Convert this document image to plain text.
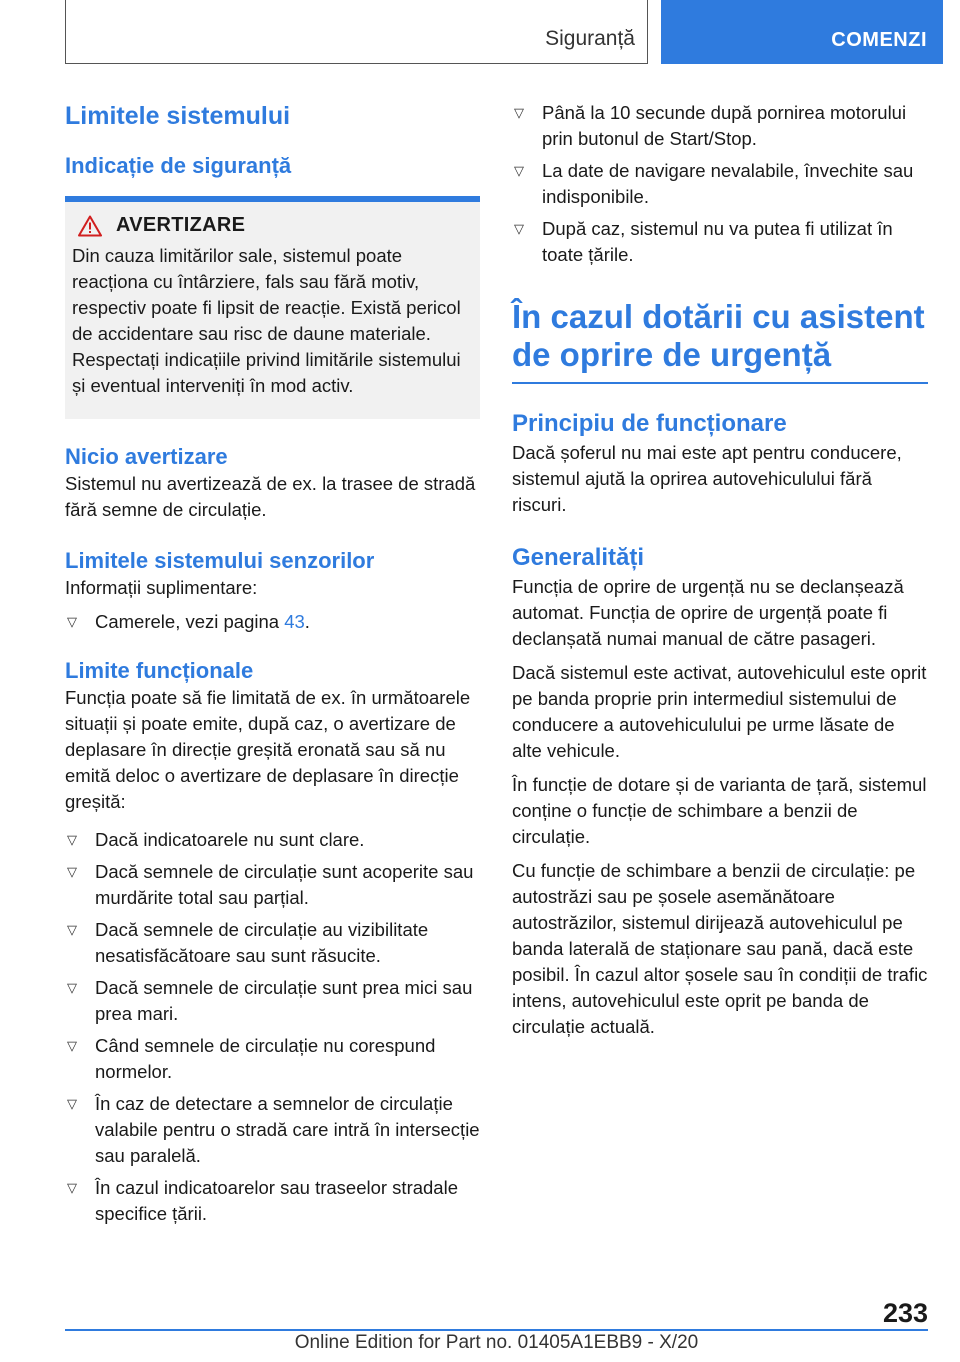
Siguranță	COMENZI
Limitele sistemului
Indicație de siguranță
AVERTIZARE

Din cauza limitărilor sale, sistemul poate reacționa cu întârziere, fals sau fără motiv, respectiv poate fi lipsit de reacție. Există pericol de accidentare sau risc de daune materiale. Respectați indicațiile privind limitările sistemului și eventual interveniți în mod activ.

Nicio avertizare

Sistemul nu avertizează de ex. la trasee de stradă fără semne de circulație.

Limitele sistemului senzorilor

Informații suplimentare:

▽ Camerele, vezi pagina 43.
Limite funcționale

Funcția poate să fie limitată de ex. în următoarele situații și poate emite, după caz, o avertizare de deplasare în direcție greșită eronată sau să nu emită deloc o avertizare de deplasare în direcție greșită:

▽ Dacă indicatoarele nu sunt clare.
▽ Dacă semnele de circulație sunt acoperite sau murdărite total sau parțial.
▽ Dacă semnele de circulație au vizibilitate nesatisfăcătoare sau sunt răsucite.
▽ Dacă semnele de circulație sunt prea mici sau prea mari.
▽ Când semnele de circulație nu corespund normelor.
▽ În caz de detectare a semnelor de circulație valabile pentru o stradă care intră în intersecție sau paralelă.
▽ În cazul indicatoarelor sau traseelor stradale specifice țării.
▽ Până la 10 secunde după pornirea motorului prin butonul de Start/Stop.
▽ La date de navigare nevalabile, învechite sau indisponibile.
▽ După caz, sistemul nu va putea fi utilizat în toate țările.
În cazul dotării cu asistent de oprire de urgență
Principiu de funcționare

Dacă șoferul nu mai este apt pentru conducere, sistemul ajută la oprirea autovehiculului fără riscuri.

Generalități

Funcția de oprire de urgență nu se declanșează automat. Funcția de oprire de urgență poate fi declanșată numai manual de către pasageri.

Dacă sistemul este activat, autovehiculul este oprit pe banda proprie prin intermediul sistemului de conducere a autovehiculului pe urme lăsate de alte vehicule.

În funcție de dotare și de varianta de țară, sistemul conține o funcție de schimbare a benzii de circulație.

Cu funcție de schimbare a benzii de circulație: pe autostrăzi sau pe șosele asemănătoare autostrăzilor, sistemul dirijează autovehiculul pe banda laterală de staționare sau pană, dacă este posibil. În cazul altor șosele sau în condiții de trafic intens, autovehiculul este oprit pe banda de circulație actuală.

233
Online Edition for Part no. 01405A1EBB9 - X/20
